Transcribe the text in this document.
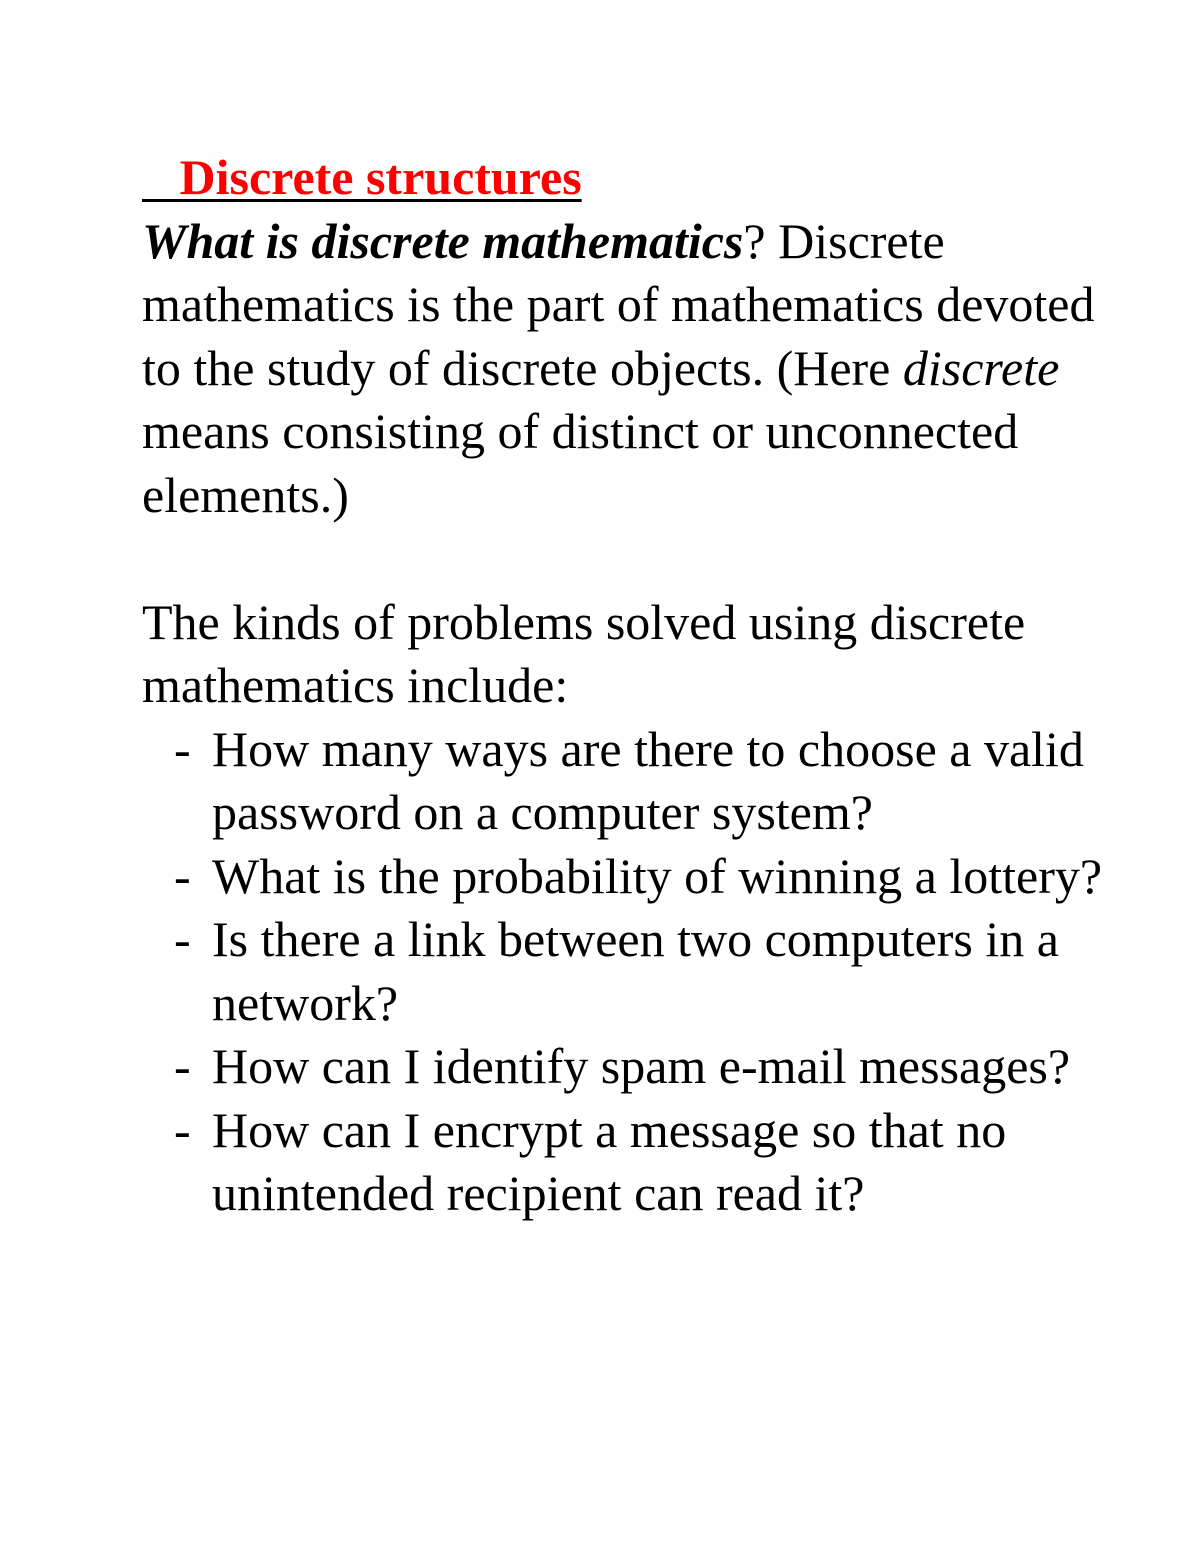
Discrete structures

What is discrete mathematics? Discrete mathematics is the part of mathematics devoted to the study of discrete objects. (Here discrete means consisting of distinct or unconnected elements.)

The kinds of problems solved using discrete mathematics include:

- How many ways are there to choose a valid password on a computer system?
- What is the probability of winning a lottery?
- Is there a link between two computers in a network?
- How can I identify spam e-mail messages?
- How can I encrypt a message so that no unintended recipient can read it?
